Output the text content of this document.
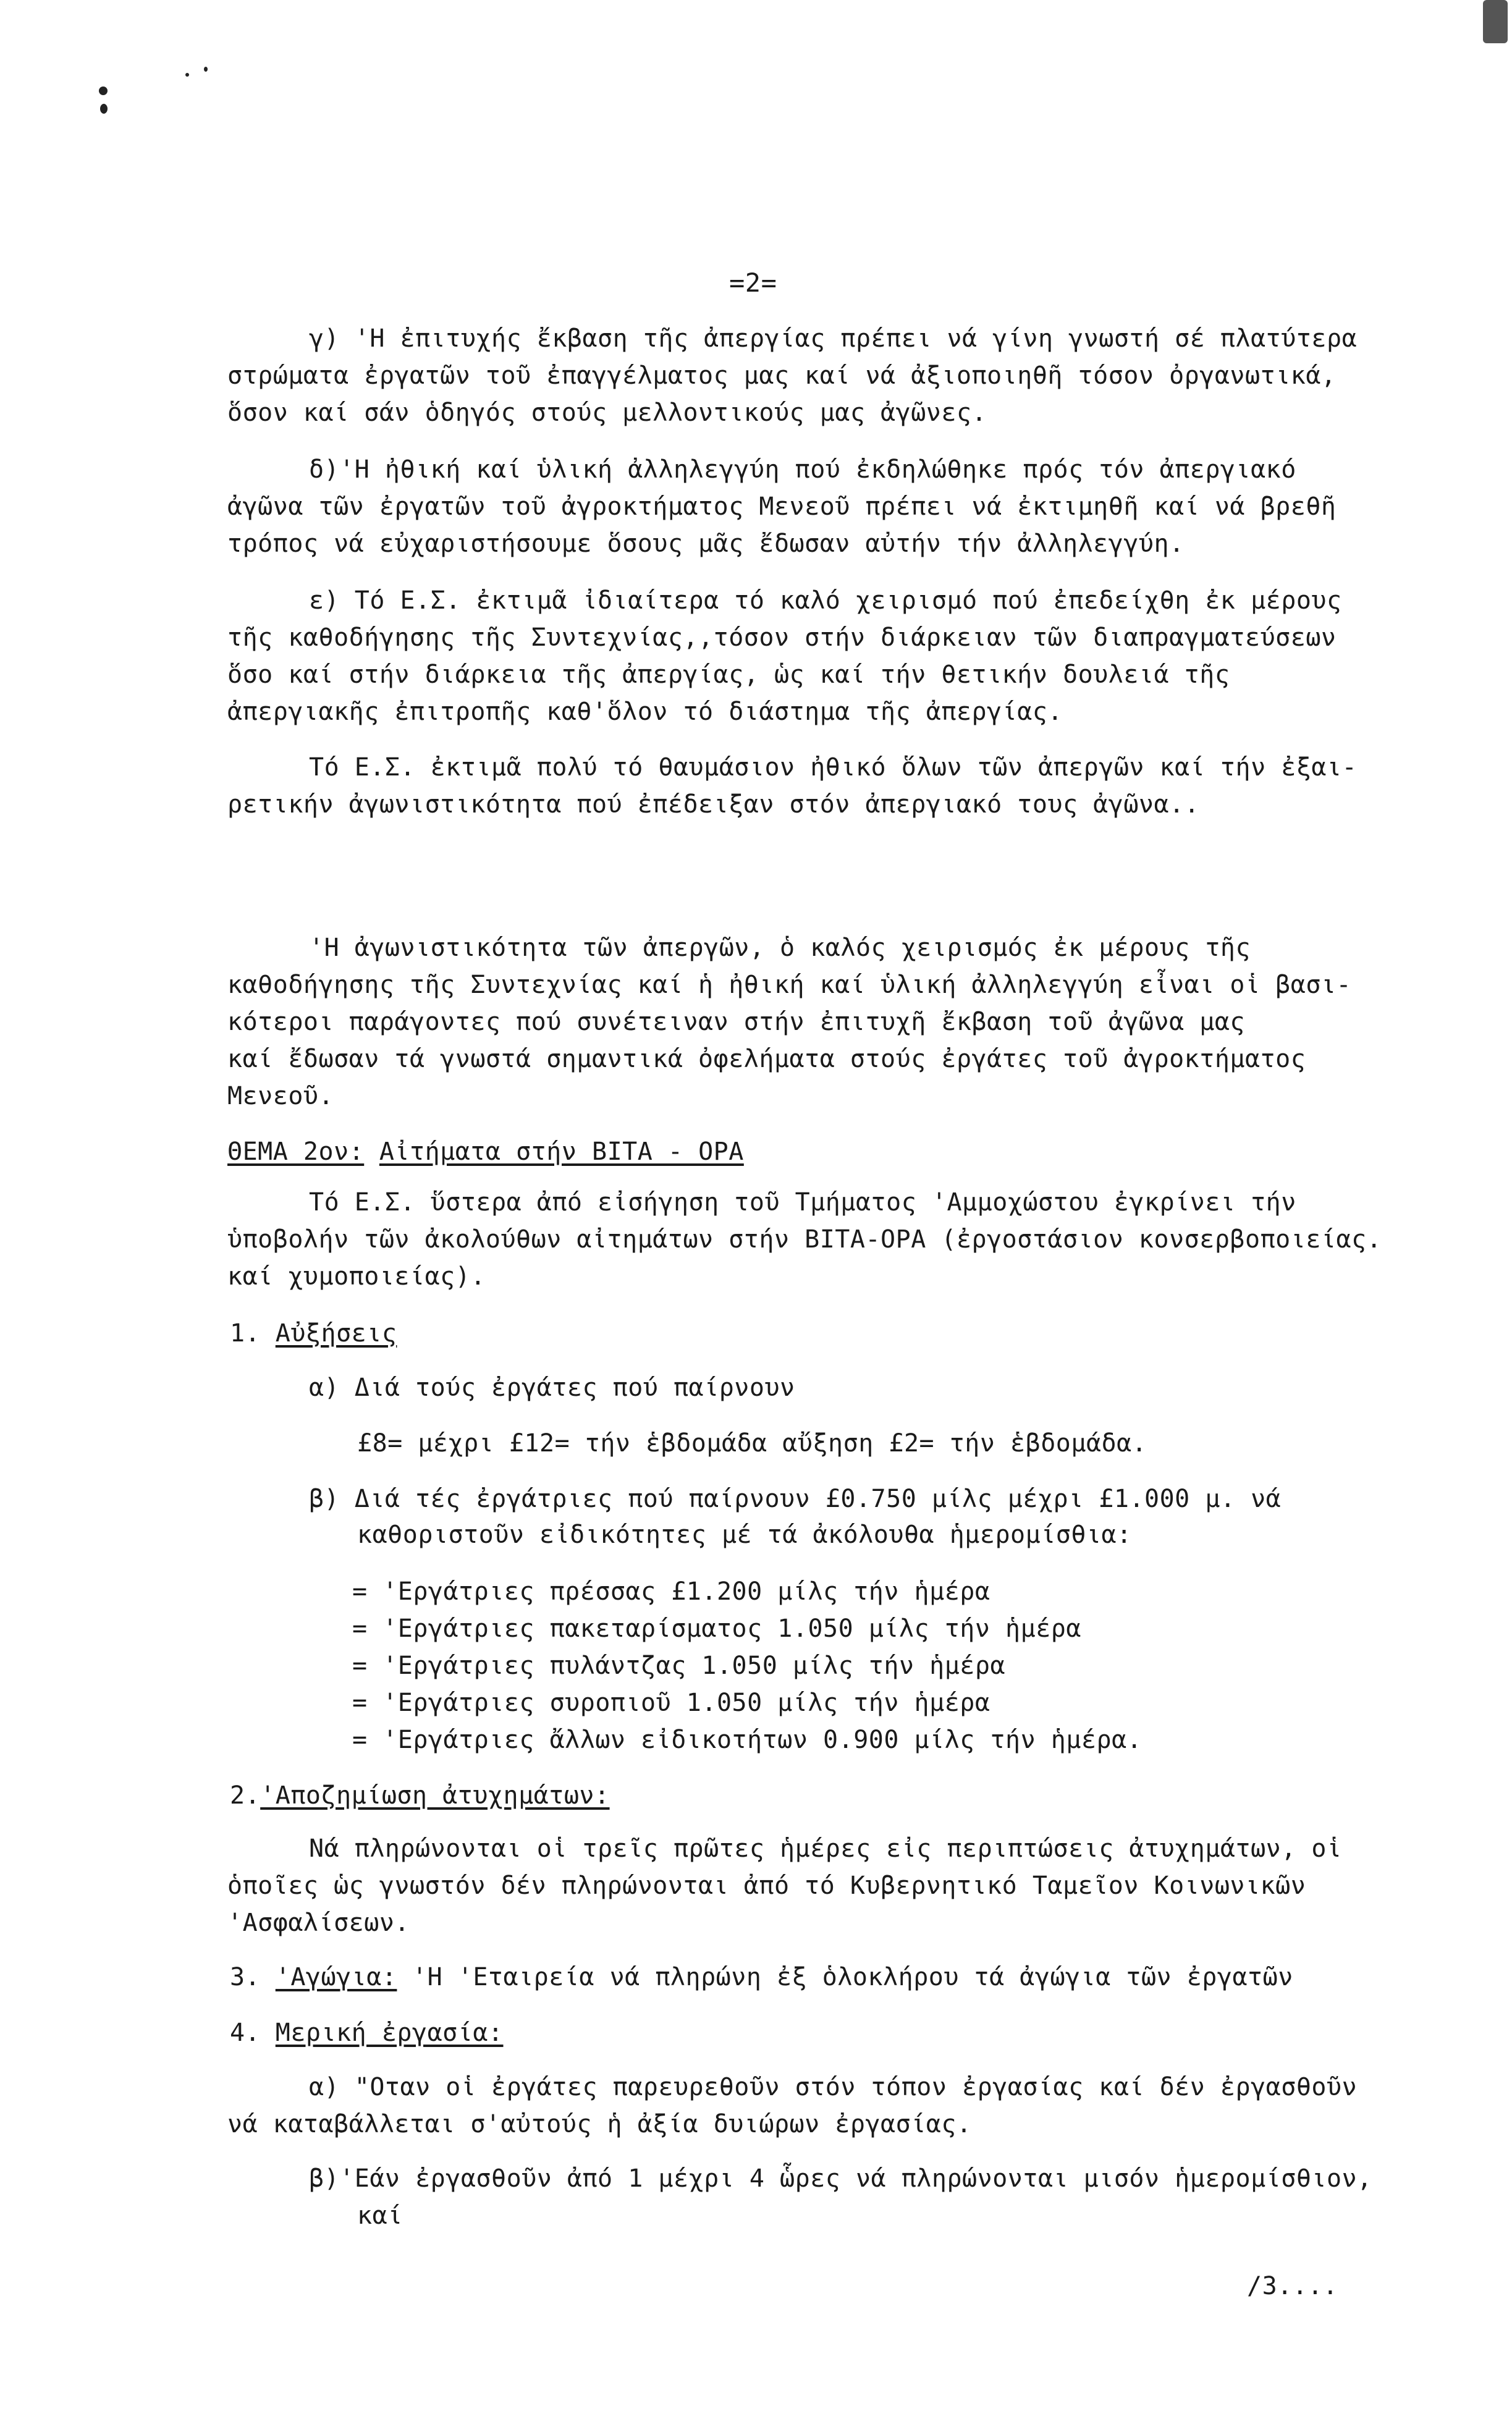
=2=
γ) 'Η ἐπιτυχής ἔκβαση τῆς ἀπεργίας πρέπει νά γίνη γνωστή σέ πλατύτερα
στρώματα ἐργατῶν τοῦ ἐπαγγέλματος μας καί νά ἀξιοποιηθῆ τόσον ὀργανωτικά,
ὅσον καί σάν ὁδηγός στούς μελλοντικούς μας ἀγῶνες.
δ)'Η ἠθική καί ὑλική ἀλληλεγγύη πού ἐκδηλώθηκε πρός τόν ἀπεργιακό
ἀγῶνα τῶν ἐργατῶν τοῦ ἀγροκτήματος Μενεοῦ πρέπει νά ἐκτιμηθῆ καί νά βρεθῆ
τρόπος νά εὐχαριστήσουμε ὅσους μᾶς ἔδωσαν αὐτήν τήν ἀλληλεγγύη.
ε) Τό Ε.Σ. ἐκτιμᾶ ἰδιαίτερα τό καλό χειρισμό πού ἐπεδείχθη ἐκ μέρους
τῆς καθοδήγησης τῆς Συντεχνίας,,τόσον στήν διάρκειαν τῶν διαπραγματεύσεων
ὅσο καί στήν διάρκεια τῆς ἀπεργίας, ὡς καί τήν θετικήν δουλειά τῆς
ἀπεργιακῆς ἐπιτροπῆς καθ'ὅλον τό διάστημα τῆς ἀπεργίας.
Τό Ε.Σ. ἐκτιμᾶ πολύ τό θαυμάσιον ἠθικό ὅλων τῶν ἀπεργῶν καί τήν ἐξαι-
ρετικήν ἀγωνιστικότητα πού ἐπέδειξαν στόν ἀπεργιακό τους ἀγῶνα..
'Η ἀγωνιστικότητα τῶν ἀπεργῶν, ὁ καλός χειρισμός ἐκ μέρους τῆς
καθοδήγησης τῆς Συντεχνίας καί ἡ ἠθική καί ὑλική ἀλληλεγγύη εἶναι οἱ βασι-
κότεροι παράγοντες πού συνέτειναν στήν ἐπιτυχῆ ἔκβαση τοῦ ἀγῶνα μας
καί ἔδωσαν τά γνωστά σημαντικά ὀφελήματα στούς ἐργάτες τοῦ ἀγροκτήματος
Μενεοῦ.
ΘΕΜΑ 2ον: Αἰτήματα στήν ΒΙΤΑ - ΟΡΑ
Τό Ε.Σ. ὕστερα ἀπό εἰσήγηση τοῦ Τμήματος 'Αμμοχώστου ἐγκρίνει τήν
ὑποβολήν τῶν ἀκολούθων αἰτημάτων στήν ΒΙΤΑ-ΟΡΑ (ἐργοστάσιον κονσερβοποιείας.
καί χυμοποιείας).
1. Αὐξήσεις
α) Διά τούς ἐργάτες πού παίρνουν
£8= μέχρι £12= τήν ἑβδομάδα αὔξηση £2= τήν ἑβδομάδα.
β) Διά τές ἐργάτριες πού παίρνουν £0.750 μίλς μέχρι £1.000 μ. νά
καθοριστοῦν εἰδικότητες μέ τά ἀκόλουθα ἡμερομίσθια:
= 'Εργάτριες πρέσσας £1.200 μίλς τήν ἡμέρα
= 'Εργάτριες πακεταρίσματος 1.050 μίλς τήν ἡμέρα
= 'Εργάτριες πυλάντζας 1.050 μίλς τήν ἡμέρα
= 'Εργάτριες συροπιοῦ 1.050 μίλς τήν ἡμέρα
= 'Εργάτριες ἄλλων εἰδικοτήτων 0.900 μίλς τήν ἡμέρα.
2.'Αποζημίωση ἀτυχημάτων:
Νά πληρώνονται οἱ τρεῖς πρῶτες ἡμέρες εἰς περιπτώσεις ἀτυχημάτων, οἱ
ὁποῖες ὡς γνωστόν δέν πληρώνονται ἀπό τό Κυβερνητικό Ταμεῖον Κοινωνικῶν
'Ασφαλίσεων.
3. 'Αγώγια: 'Η 'Εταιρεία νά πληρώνη ἐξ ὁλοκλήρου τά ἀγώγια τῶν ἐργατῶν
4. Μερική ἐργασία:
α) "Οταν οἱ ἐργάτες παρευρεθοῦν στόν τόπον ἐργασίας καί δέν ἐργασθοῦν
νά καταβάλλεται σ'αὐτούς ἡ ἀξία δυιώρων ἐργασίας.
β)'Εάν ἐργασθοῦν ἀπό 1 μέχρι 4 ὧρες νά πληρώνονται μισόν ἡμερομίσθιον,
καί
/3....
